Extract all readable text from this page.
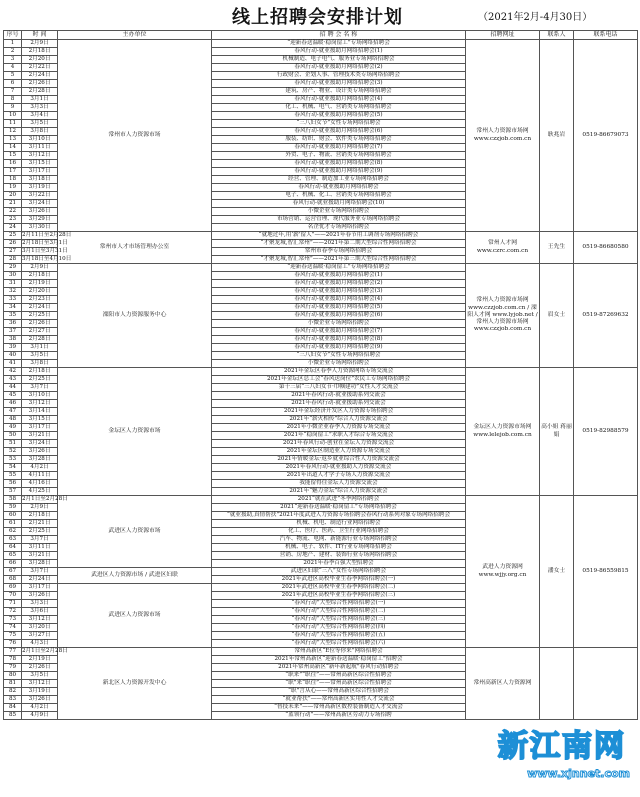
线上招聘会安排计划	（2021年2月-4月30日）
序号	时 间	主办单位	招 聘 会 名 称	招聘网址	联系人	联系电话
1	2月9日	常州市人力资源市场	“迎新春送温暖·稳岗留工”专场网络招聘会	常州人力资源市场网 www.czzjob.com.cn	耿兆岩	0519-86679073
2	2月18日		春风行动-就业援助月网络招聘会(1)			
3	2月20日		机械制造、电子电气、服务业专场网络招聘会			
4	2月22日		春风行动-就业援助月网络招聘会(2)			
5	2月24日		行政财会、企划人事、管理技术类专场网络招聘会			
6	2月26日		春风行动-就业援助月网络招聘会(3)			
7	2月28日		建筑、房产、物业、设计类专场网络招聘会			
8	3月1日		春风行动-就业援助月网络招聘会(4)			
9	3月3日		化工、机械、电气、营销类专场网络招聘会			
10	3月4日		春风行动-就业援助月网络招聘会(5)			
11	3月5日		“三八妇女节”女性专场网络招聘会			
12	3月8日		春风行动-就业援助月网络招聘会(6)			
13	3月10日		服装、纺织、财会、软件类专场网络招聘会			
14	3月11日		春风行动-就业援助月网络招聘会(7)			
15	3月12日		外贸、电子、物流、营销类专场网络招聘会			
16	3月15日		春风行动-就业援助月网络招聘会(8)			
17	3月17日		春风行动-就业援助月网络招聘会(9)			
18	3月18日		经营、管理、制造加工业专场网络招聘会			
19	3月19日		春风行动-就业援助月网络招聘会			
20	3月22日		电子、机械、化工、营销类专场网络招聘会			
21	3月24日		春风行动-就业援助月网络招聘会(10)			
22	3月26日		小微企业专场网络招聘会			
23	3月29日		市场营销、运营管理、现代服务业专场网络招聘会			
24	3月30日		名企优才专场网络招聘会			
25	2月11日至2月28日	常州市人才市场管理办公室	“就地过年,用‘薪’留人”——2021年春节用工调剂专场网络招聘会	常州人才网 www.czrc.com.cn	王先生	0519-86680580
26	2月18日至3月1日		“才聚龙城,智汇常州”——2021年第二期大型综合性网络招聘会			
27	3月1日至3月31日		常州市春季专场网络招聘会			
28	3月18日至4月10日		“才聚龙城,智汇常州”——2021年第三期大型综合性网络招聘会			
29	2月9日	溧阳市人力资源服务中心	“迎新春送温暖·稳岗留工”专场网络招聘会	常州人力资源市场网 www.czzjob.com.cn / 溧阳人才网 www.lyjob.net / 常州人力资源市场网 www.czzjob.com.cn	眉女士	0519-87269632
30	2月18日		春风行动-就业援助月网络招聘会(1)			
31	2月19日		春风行动-就业援助月网络招聘会(2)			
32	2月20日		春风行动-就业援助月网络招聘会(3)			
33	2月23日		春风行动-就业援助月网络招聘会(4)			
34	2月24日		春风行动-就业援助月网络招聘会(5)			
35	2月25日		春风行动-就业援助月网络招聘会(6)			
36	2月26日		小微企业专场网络招聘会			
37	2月27日		春风行动-就业援助月网络招聘会(7)			
38	2月28日		春风行动-就业援助月网络招聘会(8)			
39	3月1日		春风行动-就业援助月网络招聘会(9)			
40	3月5日		“三八妇女节”女性专场网络招聘会			
41	3月8日		小微企业专场网络招聘会			
42	2月18日	金坛区人力资源市场	2021年金坛区春季人力资源网络专场交流会	金坛区人力资源市场网 www.lelejob.com.cn	高小姐 蒋丽娟	0519-82988579
43	2月25日		2021年金坛区总工会“春风送岗位”农民工专场网络招聘会			
44	3月7日		第十三届“三八妇女节·巾帼建功”女性人才交流会			
45	3月10日		2021年春风行动-就业援助系列交流会			
46	3月12日		2021年春风行动-就业援助系列交流会			
47	3月14日		2021年金坛经济开发区人力资源专场招聘会			
48	3月15日		2021年“薪火相传”综合人力资源交流会			
49	3月17日		2021年小微企业春季人力资源专场交流会			
50	3月21日		2021年“稳岗留工”求职人才综合专场交流会			
51	3月24日		2021年春风行动-创业在金坛人力资源交流会			
52	3月26日		2021年金坛区制造业人力资源专场交流会			
53	3月28日		2021年情暖金坛·返乡就业综合性人力资源交流会			
54	4月2日		2021年春风行动-就业援助人力资源交流会			
55	4月11日		2021年出道人才学子专场人力资源交流会			
56	4月16日		我能留得住金坛人力资源交流会			
57	4月25日		2021年“魅力金坛”综合人力资源交流会			
58	2月1日至2月28日	武进区人力资源市场	2021“就在武进”冬季网络招聘会	武进人力资源网 www.wjjy.org.cn	潘女士	0519-86559815
59	2月9日		2021“迎新春送温暖·稳岗留工”专场网络招聘会			
60	2月18日		“就业援助,真情帮扶”2021年度武进人力资源专场招聘会春风行动系列对象专场网络招聘会			
61	2月21日		机械、机电、制造行业网络招聘会			
62	2月25日		化工、医疗、医药、卫生行业网络招聘会			
63	3月7日		汽车、物流、电网、新能源行业专场网络招聘会			
64	3月11日		机械、电子、软件、IT行业专场网络招聘会			
65	3月21日		营销、房地产、建材、装饰行业专场网络招聘会			
66	3月28日		2021年春季百强大型招聘会			
67	3月7日	武进区人力资源市场 / 武进区妇联	武进区妇联“三八”女性专场网络招聘会			
68	2月24日		2021年武进区高校毕业生春季网络招聘会(一)			
69	3月17日	武进区人力资源市场	2021年武进区高校毕业生春季网络招聘会(二)			
70	3月26日		2021年武进区高校毕业生春季网络招聘会(三)			
71	3月3日		“春风行动”大型综合性网络招聘会(一)			
72	3月6日		“春风行动”大型综合性网络招聘会(二)			
73	3月12日		“春风行动”大型综合性网络招聘会(三)			
74	3月20日		“春风行动”大型综合性网络招聘会(四)			
75	3月27日		“春风行动”大型综合性网络招聘会(五)			
76	4月3日		“春风行动”大型综合性网络招聘会(六)			
77	2月1日至2月28日	新北区人力资源开发中心	常州高新区“E位等你来”网络招聘会	常州高新区人力资源网		
78	2月19日		2021年常州高新区“迎新春送温暖·稳岗留工”招聘会			
79	2月26日		2021年常州高新区“新年新起航”春风行动招聘会			
80	3月5日		“职来”“职往”——常州高新区综合性招聘会			
81	3月12日		“职”来“职往”——常州高新区综合性招聘会			
82	3月19日		“职”言从心——常州高新区综合性招聘会			
83	3月26日		“就业帮扶”——常州高新区实用性人才交流会			
84	4月2日		“智技未来”——常州高新区数控装备制造人才交流会			
85	4月9日		“蓝领行动”——常州高新区劳动力专场招聘			
新江南网
www.xjnnet.com
